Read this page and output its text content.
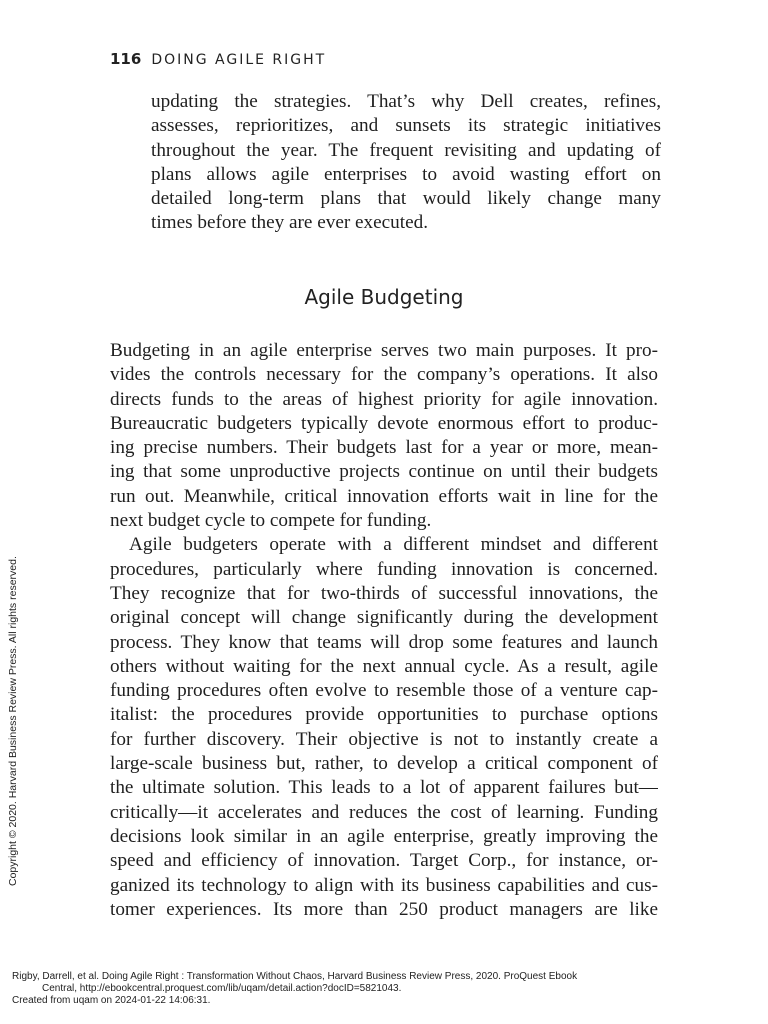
116 DOING AGILE RIGHT
updating the strategies. That’s why Dell creates, refines,
assesses, reprioritizes, and sunsets its strategic initiatives
throughout the year. The frequent revisiting and updating of
plans allows agile enterprises to avoid wasting effort on
detailed long-term plans that would likely change many
times before they are ever executed.
Agile Budgeting
Budgeting in an agile enterprise serves two main purposes. It pro-
vides the controls necessary for the company’s operations. It also
directs funds to the areas of highest priority for agile innovation.
Bureaucratic budgeters typically devote enormous effort to produc-
ing precise numbers. Their budgets last for a year or more, mean-
ing that some unproductive projects continue on until their budgets
run out. Meanwhile, critical innovation efforts wait in line for the
next budget cycle to compete for funding.
Agile budgeters operate with a different mindset and different
procedures, particularly where funding innovation is concerned.
They recognize that for two-thirds of successful innovations, the
original concept will change significantly during the development
process. They know that teams will drop some features and launch
others without waiting for the next annual cycle. As a result, agile
funding procedures often evolve to resemble those of a venture cap-
italist: the procedures provide opportunities to purchase options
for further discovery. Their objective is not to instantly create a
large-scale business but, rather, to develop a critical component of
the ultimate solution. This leads to a lot of apparent failures but—
critically—it accelerates and reduces the cost of learning. Funding
decisions look similar in an agile enterprise, greatly improving the
speed and efficiency of innovation. Target Corp., for instance, or-
ganized its technology to align with its business capabilities and cus-
tomer experiences. Its more than 250 product managers are like
Copyright © 2020. Harvard Business Review Press. All rights reserved.
Rigby, Darrell, et al. Doing Agile Right : Transformation Without Chaos, Harvard Business Review Press, 2020. ProQuest Ebook
Central, http://ebookcentral.proquest.com/lib/uqam/detail.action?docID=5821043.
Created from uqam on 2024-01-22 14:06:31.
